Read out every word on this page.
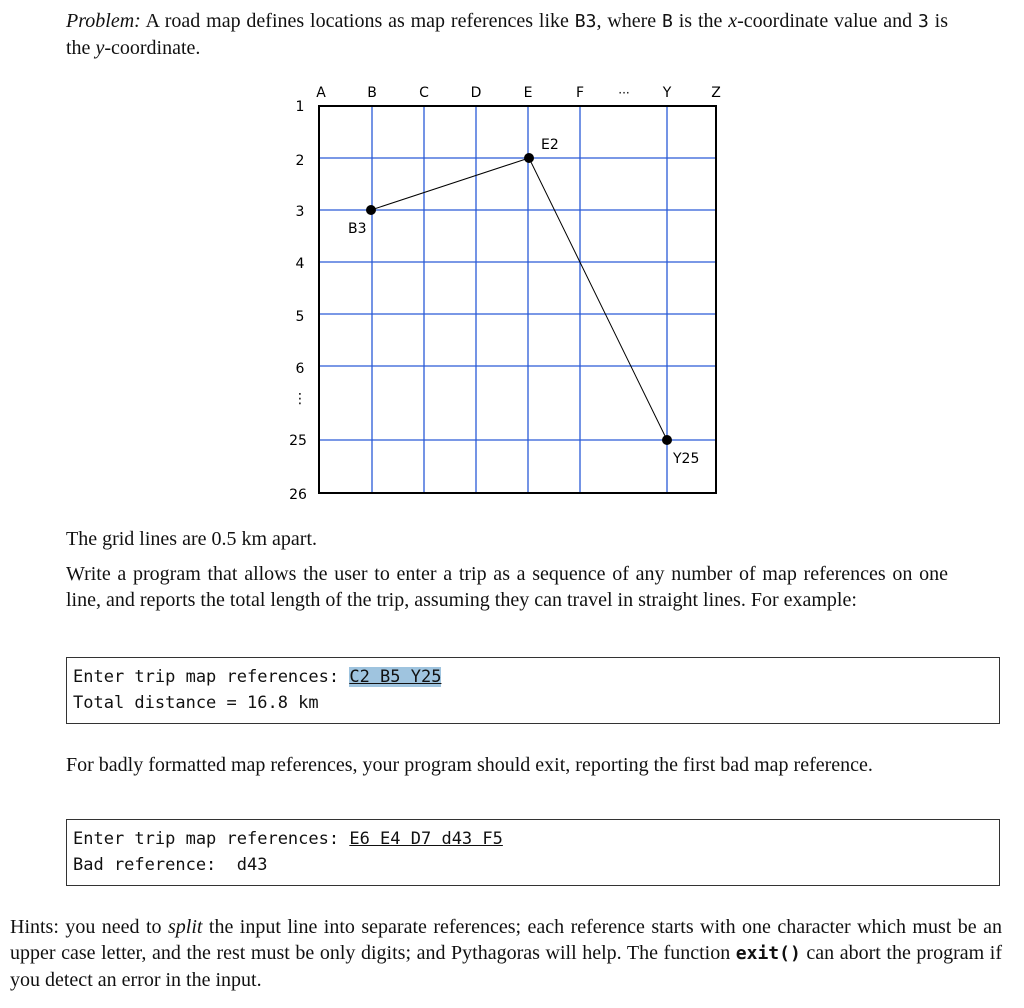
Problem: A road map defines locations as map references like B3, where B is the x-coordinate value and 3 is the y-coordinate.
A	B	C	D	E	F	··· Y	Z
1
2
3
4
5
6
⋮
25
26
B3
E2
Y25
The grid lines are 0.5 km apart.
Write a program that allows the user to enter a trip as a sequence of any number of map references on one line, and reports the total length of the trip, assuming they can travel in straight lines. For example:
Enter trip map references: C2 B5 Y25
Total distance = 16.8 km
For badly formatted map references, your program should exit, reporting the first bad map reference.
Enter trip map references: E6 E4 D7 d43 F5
Bad reference:  d43
Hints: you need to split the input line into separate references; each reference starts with one character which must be an upper case letter, and the rest must be only digits; and Pythagoras will help. The function exit() can abort the program if you detect an error in the input.
